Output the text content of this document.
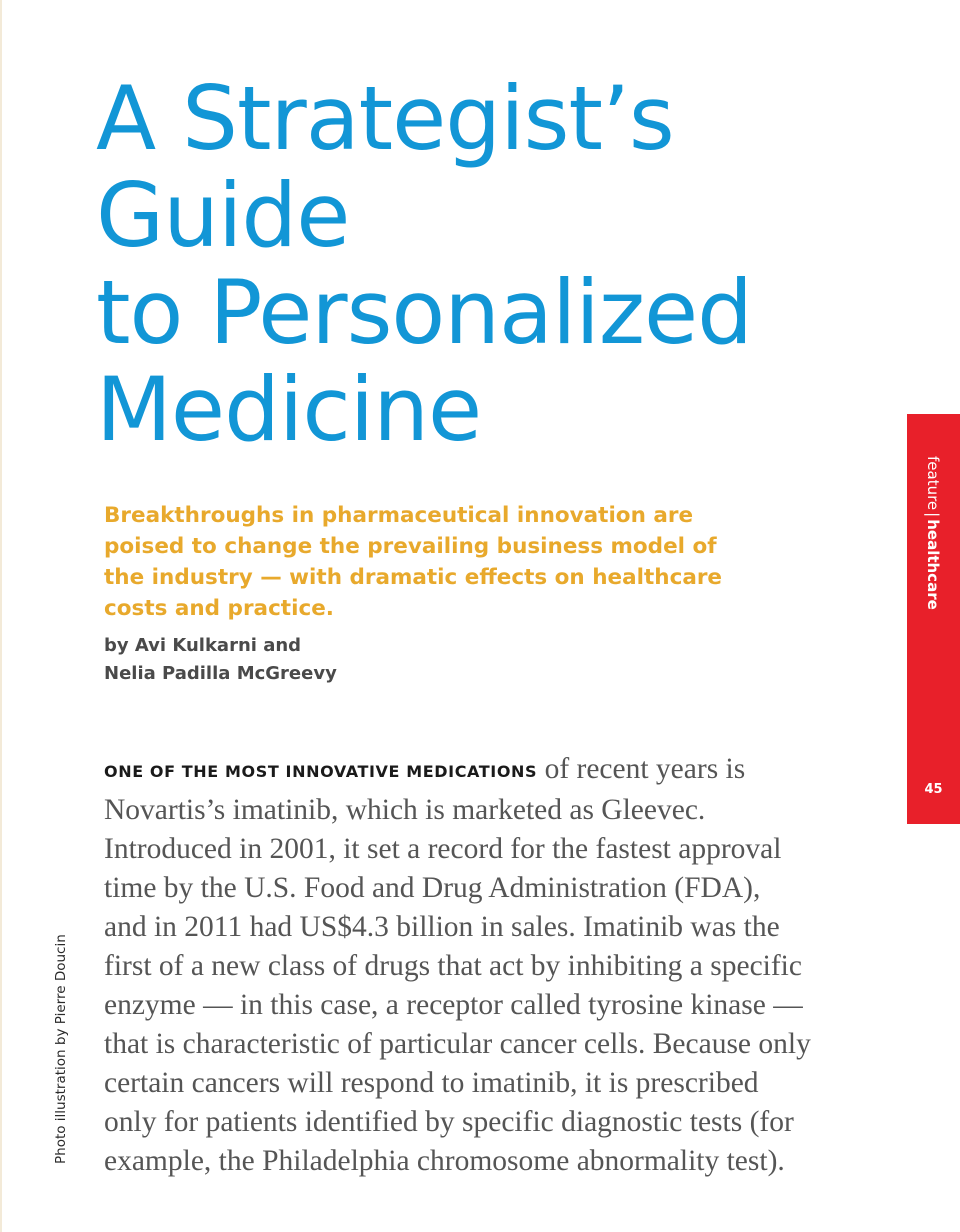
A Strategist’s
Guide
to Personalized
Medicine

Breakthroughs in pharmaceutical innovation are poised to change the prevailing business model of the industry — with dramatic effects on healthcare costs and practice.

by Avi Kulkarni and
Nelia Padilla McGreevy

feature|healthcare
45
Photo illustration by Pierre Doucin
ONE OF THE MOST INNOVATIVE MEDICATIONS of recent years is
Novartis’s imatinib, which is marketed as Gleevec.
Introduced in 2001, it set a record for the fastest approval
time by the U.S. Food and Drug Administration (FDA),
and in 2011 had US$4.3 billion in sales. Imatinib was the
first of a new class of drugs that act by inhibiting a specific
enzyme — in this case, a receptor called tyrosine kinase —
that is characteristic of particular cancer cells. Because only
certain cancers will respond to imatinib, it is prescribed
only for patients identified by specific diagnostic tests (for
example, the Philadelphia chromosome abnormality test).
